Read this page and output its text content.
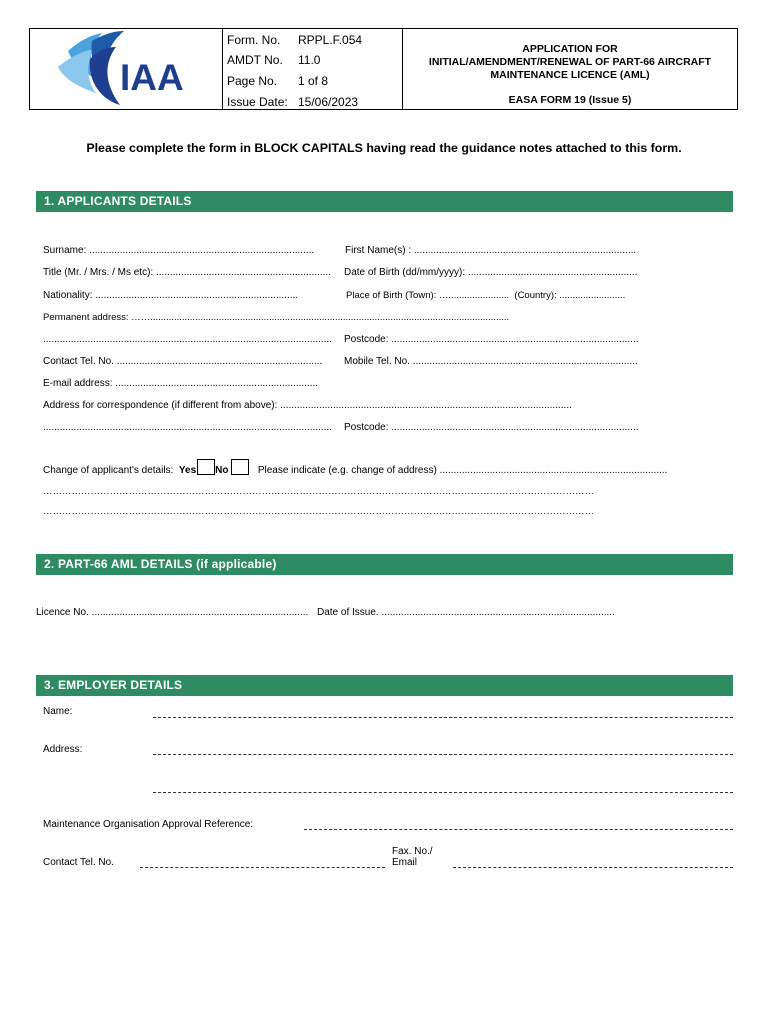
IAA
Form. No. RPPL.F.054
AMDT No. 11.0
Page No. 1 of 8
Issue Date: 15/06/2023
APPLICATION FOR
INITIAL/AMENDMENT/RENEWAL OF PART-66 AIRCRAFT
MAINTENANCE LICENCE (AML)
EASA FORM 19 (Issue 5)
Please complete the form in BLOCK CAPITALS having read the guidance notes attached to this form.
1. APPLICANTS DETAILS
Surname: .................................................................................	First Name(s) : ................................................................................
Title (Mr. / Mrs. / Ms etc): ............................................................... Date of Birth (dd/mm/yyyy): .............................................................
Nationality: .........................................................................	Place of Birth (Town): ….......................  (Country): .........................
Permanent address: ……........................................................................................................................................
........................................................................................................ Postcode: .........................................................................................
Contact Tel. No. .......................................................................... Mobile Tel. No. .................................................................................
E-mail address: .........................................................................
Address for correspondence (if different from above): .........................................................................................................
........................................................................................................ Postcode: .........................................................................................
Change of applicant's details: Yes No	Please indicate (e.g. change of address) ..................................................................................
…………………………………………………………………………………………………………………………………………………………
…………………………………………………………………………………………………………………………………………………………
2. PART-66 AML DETAILS (if applicable)
Licence No. .............................................................................. Date of Issue. ....................................................................................
3. EMPLOYER DETAILS
Name:
Address:
Maintenance Organisation Approval Reference:
Contact Tel. No.
Fax. No./
Email
